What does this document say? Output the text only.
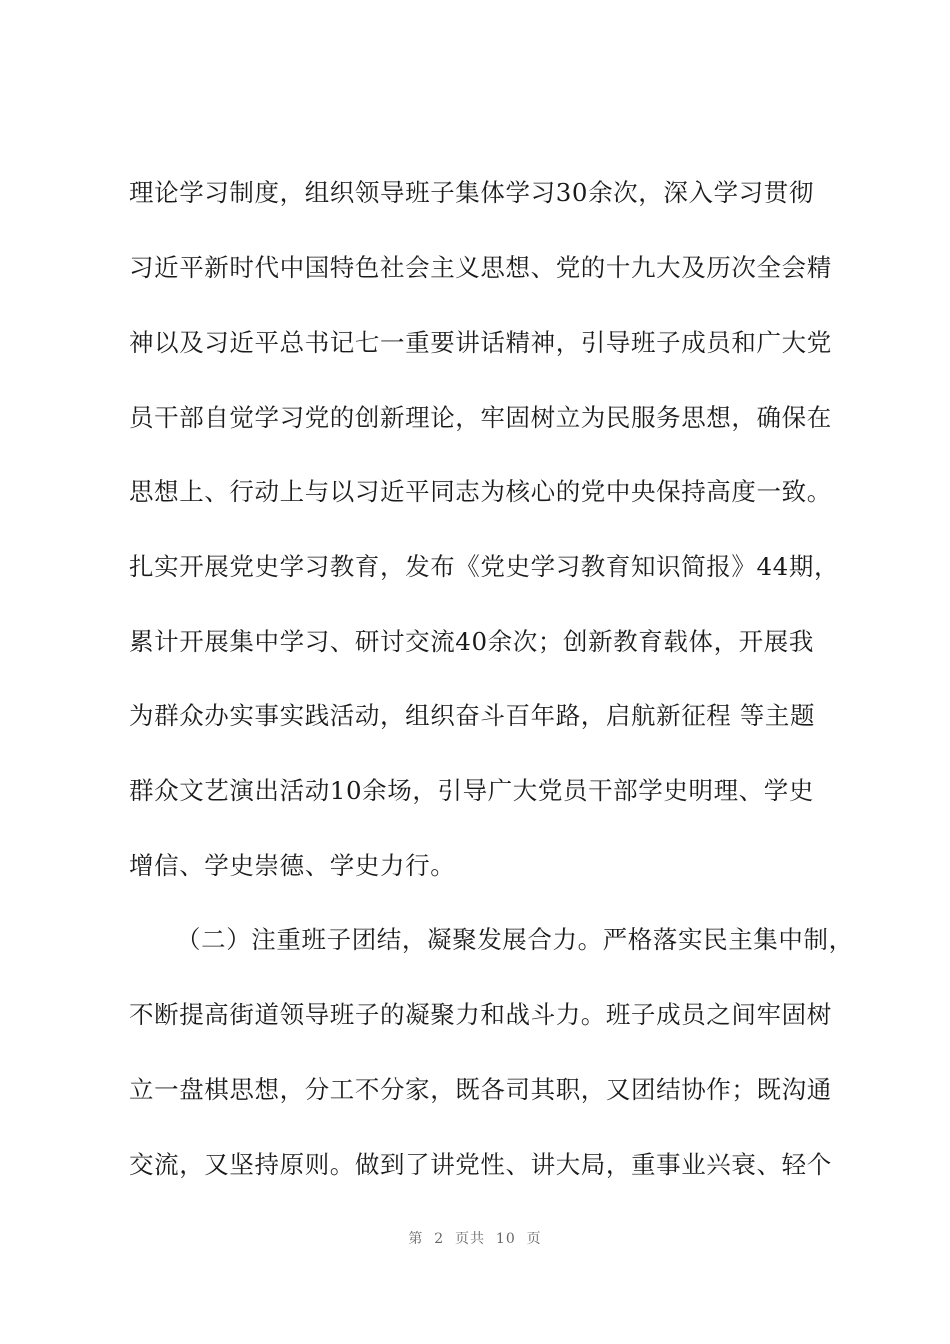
理论学习制度，组织领导班子集体学习30余次，深入学习贯彻
习近平新时代中国特色社会主义思想、党的十九大及历次全会精
神以及习近平总书记七一重要讲话精神，引导班子成员和广大党
员干部自觉学习党的创新理论，牢固树立为民服务思想，确保在
思想上、行动上与以习近平同志为核心的党中央保持高度一致。
扎实开展党史学习教育，发布《党史学习教育知识简报》44期，
累计开展集中学习、研讨交流40余次；创新教育载体，开展我
为群众办实事实践活动，组织奋斗百年路，启航新征程 等主题
群众文艺演出活动10余场，引导广大党员干部学史明理、学史
增信、学史崇德、学史力行。
（二）注重班子团结，凝聚发展合力。严格落实民主集中制，
不断提高街道领导班子的凝聚力和战斗力。班子成员之间牢固树
立一盘棋思想，分工不分家，既各司其职，又团结协作；既沟通
交流，又坚持原则。做到了讲党性、讲大局，重事业兴衰、轻个
第  2  页共  10  页
